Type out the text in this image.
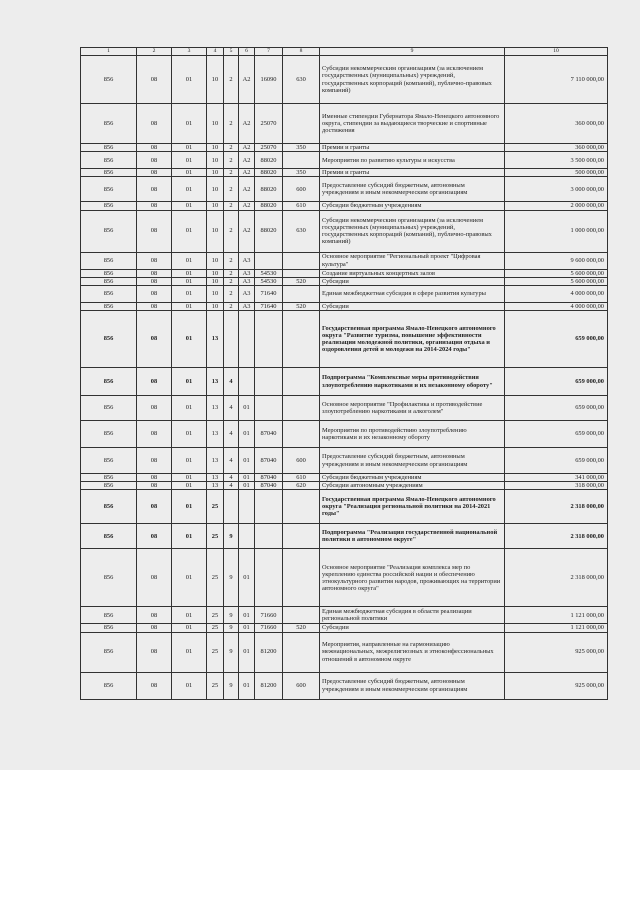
1	2	3	4	5	6	7	8	9	10
856	08	01	10	2	A2	16090	630	Субсидии некоммерческим организациям (за исключением государственных (муниципальных) учреждений, государственных корпораций (компаний), публично-правовых компаний)	7 110 000,00
856	08	01	10	2	A2	25070		Именные стипендии Губернатора Ямало-Ненецкого автономного округа, стипендии за выдающиеся творческие и спортивные достижения	360 000,00
856	08	01	10	2	A2	25070	350	Премии и гранты	360 000,00
856	08	01	10	2	A2	88020		Мероприятия по развитию культуры и искусства	3 500 000,00
856	08	01	10	2	A2	88020	350	Премии и гранты	500 000,00
856	08	01	10	2	A2	88020	600	Предоставление субсидий бюджетным, автономным учреждениям и иным некоммерческим организациям	3 000 000,00
856	08	01	10	2	A2	88020	610	Субсидии бюджетным учреждениям	2 000 000,00
856	08	01	10	2	A2	88020	630	Субсидии некоммерческим организациям (за исключением государственных (муниципальных) учреждений, государственных корпораций (компаний), публично-правовых компаний)	1 000 000,00
856	08	01	10	2	A3			Основное мероприятие "Региональный проект "Цифровая культура"	9 600 000,00
856	08	01	10	2	A3	54530		Создание виртуальных концертных залов	5 600 000,00
856	08	01	10	2	A3	54530	520	Субсидии	5 600 000,00
856	08	01	10	2	A3	71640		Единая межбюджетная субсидия в сфере развития культуры	4 000 000,00
856	08	01	10	2	A3	71640	520	Субсидии	4 000 000,00
856	08	01	13					Государственная программа Ямало-Ненецкого автономного округа "Развитие туризма, повышение эффективности реализации молодежной политики, организация отдыха и оздоровления детей и молодежи на 2014-2024 годы"	659 000,00
856	08	01	13	4				Подпрограмма "Комплексные меры противодействия злоупотреблению наркотиками и их незаконному обороту"	659 000,00
856	08	01	13	4	01			Основное мероприятие "Профилактика и противодействие злоупотреблению наркотиками и алкоголем"	659 000,00
856	08	01	13	4	01	87040		Мероприятия по противодействию злоупотреблению наркотиками и их незаконному обороту	659 000,00
856	08	01	13	4	01	87040	600	Предоставление субсидий бюджетным, автономным учреждениям и иным некоммерческим организациям	659 000,00
856	08	01	13	4	01	87040	610	Субсидии бюджетным учреждениям	341 000,00
856	08	01	13	4	01	87040	620	Субсидии автономным учреждениям	318 000,00
856	08	01	25					Государственная программа Ямало-Ненецкого автономного округа "Реализация региональной политики на 2014-2021 годы"	2 318 000,00
856	08	01	25	9				Подпрограмма "Реализация государственной национальной политики в автономном округе"	2 318 000,00
856	08	01	25	9	01			Основное мероприятие "Реализация комплекса мер по укреплению единства российской нации и обеспечению этнокультурного развития народов, проживающих на территории автономного округа"	2 318 000,00
856	08	01	25	9	01	71660		Единая межбюджетная субсидия в области реализации региональной политики	1 121 000,00
856	08	01	25	9	01	71660	520	Субсидии	1 121 000,00
856	08	01	25	9	01	81200		Мероприятия, направленные на гармонизацию межнациональных, межрелигиозных и этноконфессиональных отношений в автономном округе	925 000,00
856	08	01	25	9	01	81200	600	Предоставление субсидий бюджетным, автономным учреждениям и иным некоммерческим организациям	925 000,00
